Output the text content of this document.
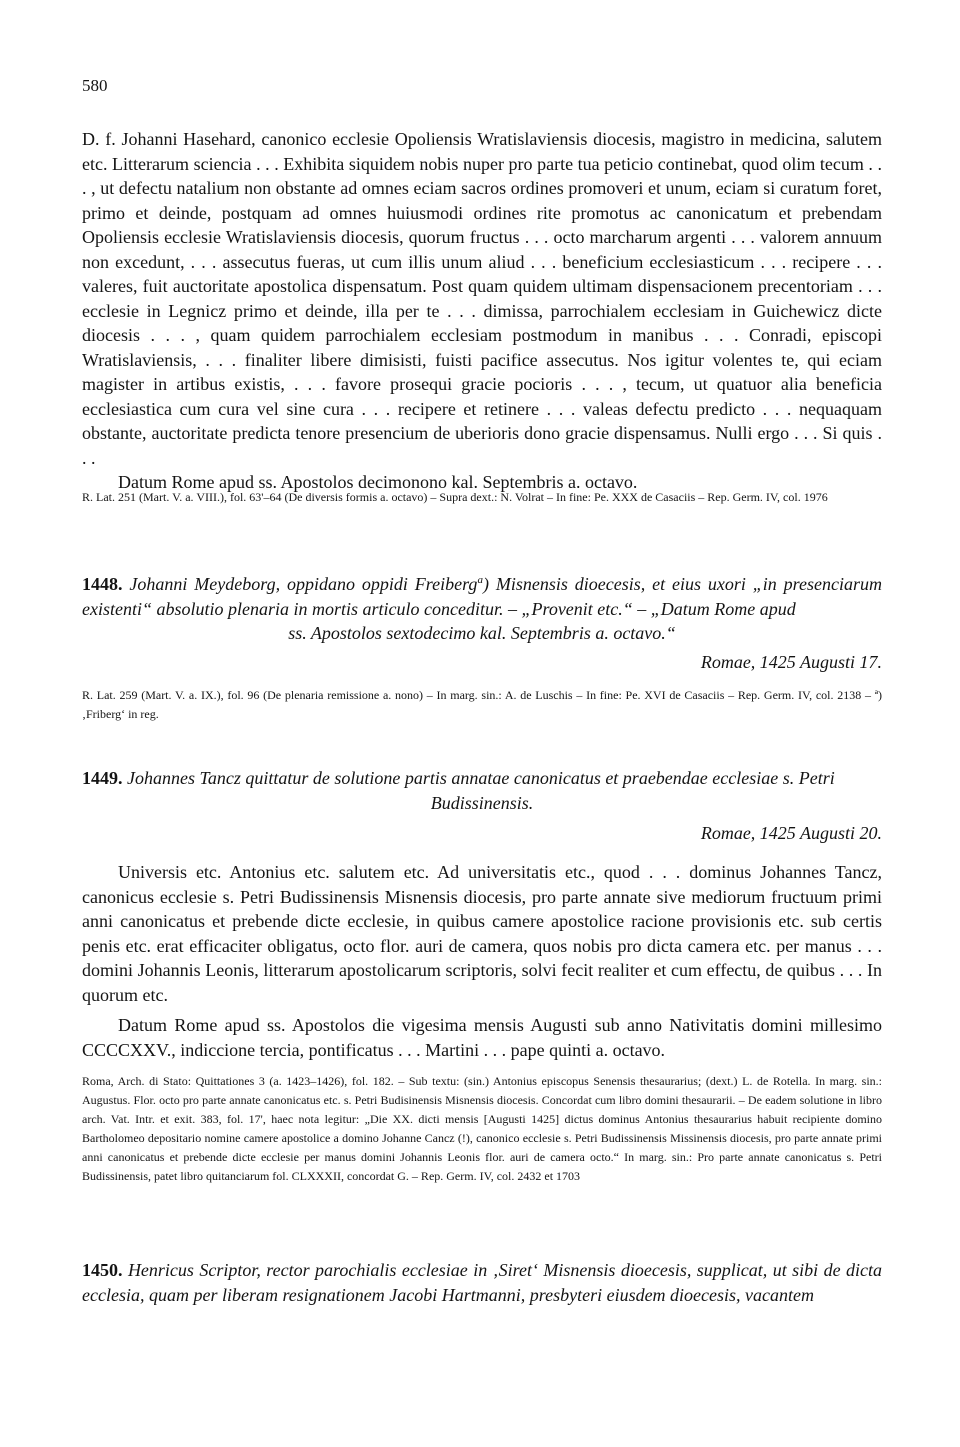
580

D. f. Johanni Hasehard, canonico ecclesie Opoliensis Wratislaviensis diocesis, magistro in medicina, salutem etc. Litterarum sciencia . . . Exhibita siquidem nobis nuper pro parte tua peticio continebat, quod olim tecum . . . , ut defectu natalium non obstante ad omnes eciam sacros ordines promoveri et unum, eciam si curatum foret, primo et deinde, postquam ad omnes huiusmodi ordines rite promotus ac canonicatum et prebendam Opoliensis ecclesie Wratislaviensis diocesis, quorum fructus . . . octo marcharum argenti . . . valorem annuum non excedunt, . . . assecutus fueras, ut cum illis unum aliud . . . beneficium ecclesiasticum . . . recipere . . . valeres, fuit auctoritate apostolica dispensatum. Post quam quidem ultimam dispensacionem precentoriam . . . ecclesie in Legnicz primo et deinde, illa per te . . . dimissa, parrochialem ecclesiam in Guichewicz dicte diocesis . . . , quam quidem parrochialem ecclesiam postmodum in manibus . . . Conradi, episcopi Wratislaviensis, . . . finaliter libere dimisisti, fuisti pacifice assecutus. Nos igitur volentes te, qui eciam magister in artibus existis, . . . favore prosequi gracie pocioris . . . , tecum, ut quatuor alia beneficia ecclesiastica cum cura vel sine cura . . . recipere et retinere . . . valeas defectu predicto . . . nequaquam obstante, auctoritate predicta tenore presencium de uberioris dono gracie dispensamus. Nulli ergo . . . Si quis . . .

Datum Rome apud ss. Apostolos decimonono kal. Septembris a. octavo.

R. Lat. 251 (Mart. V. a. VIII.), fol. 63'–64 (De diversis formis a. octavo) – Supra dext.: N. Volrat – In fine: Pe. XXX de Casaciis – Rep. Germ. IV, col. 1976

1448. Johanni Meydeborg, oppidano oppidi Freiberg$^a$) Misnensis dioecesis, et eius uxori „in presenciarum existenti“ absolutio plenaria in mortis articulo conceditur. – „Provenit etc.“ – „Datum Rome apud

ss. Apostolos sextodecimo kal. Septembris a. octavo.“

Romae, 1425 Augusti 17.

R. Lat. 259 (Mart. V. a. IX.), fol. 96 (De plenaria remissione a. nono) – In marg. sin.: A. de Luschis – In fine: Pe. XVI de Casaciis – Rep. Germ. IV, col. 2138 – ª) ‚Friberg‘ in reg.

1449. Johannes Tancz quittatur de solutione partis annatae canonicatus et praebendae ecclesiae s. Petri

Budissinensis.

Romae, 1425 Augusti 20.

Universis etc. Antonius etc. salutem etc. Ad universitatis etc., quod . . . dominus Johannes Tancz, canonicus ecclesie s. Petri Budissinensis Misnensis diocesis, pro parte annate sive mediorum fructuum primi anni canonicatus et prebende dicte ecclesie, in quibus camere apostolice racione provisionis etc. sub certis penis etc. erat efficaciter obligatus, octo flor. auri de camera, quos nobis pro dicta camera etc. per manus . . . domini Johannis Leonis, litterarum apostolicarum scriptoris, solvi fecit realiter et cum effectu, de quibus . . . In quorum etc.

Datum Rome apud ss. Apostolos die vigesima mensis Augusti sub anno Nativitatis domini millesimo CCCCXXV., indiccione tercia, pontificatus . . . Martini . . . pape quinti a. octavo.

Roma, Arch. di Stato: Quittationes 3 (a. 1423–1426), fol. 182. – Sub textu: (sin.) Antonius episcopus Senensis thesaurarius; (dext.) L. de Rotella. In marg. sin.: Augustus. Flor. octo pro parte annate canonicatus etc. s. Petri Budisinensis Misnensis diocesis. Concordat cum libro domini thesaurarii. – De eadem solutione in libro arch. Vat. Intr. et exit. 383, fol. 17', haec nota legitur: „Die XX. dicti mensis [Augusti 1425] dictus dominus Antonius thesaurarius habuit recipiente domino Bartholomeo depositario nomine camere apostolice a domino Johanne Cancz (!), canonico ecclesie s. Petri Budissinensis Missinensis diocesis, pro parte annate primi anni canonicatus et prebende dicte ecclesie per manus domini Johannis Leonis flor. auri de camera octo.“ In marg. sin.: Pro parte annate canonicatus s. Petri Budissinensis, patet libro quitanciarum fol. CLXXXII, concordat G. – Rep. Germ. IV, col. 2432 et 1703

1450. Henricus Scriptor, rector parochialis ecclesiae in ‚Siret‘ Misnensis dioecesis, supplicat, ut sibi de dicta ecclesia, quam per liberam resignationem Jacobi Hartmanni, presbyteri eiusdem dioecesis, vacantem
